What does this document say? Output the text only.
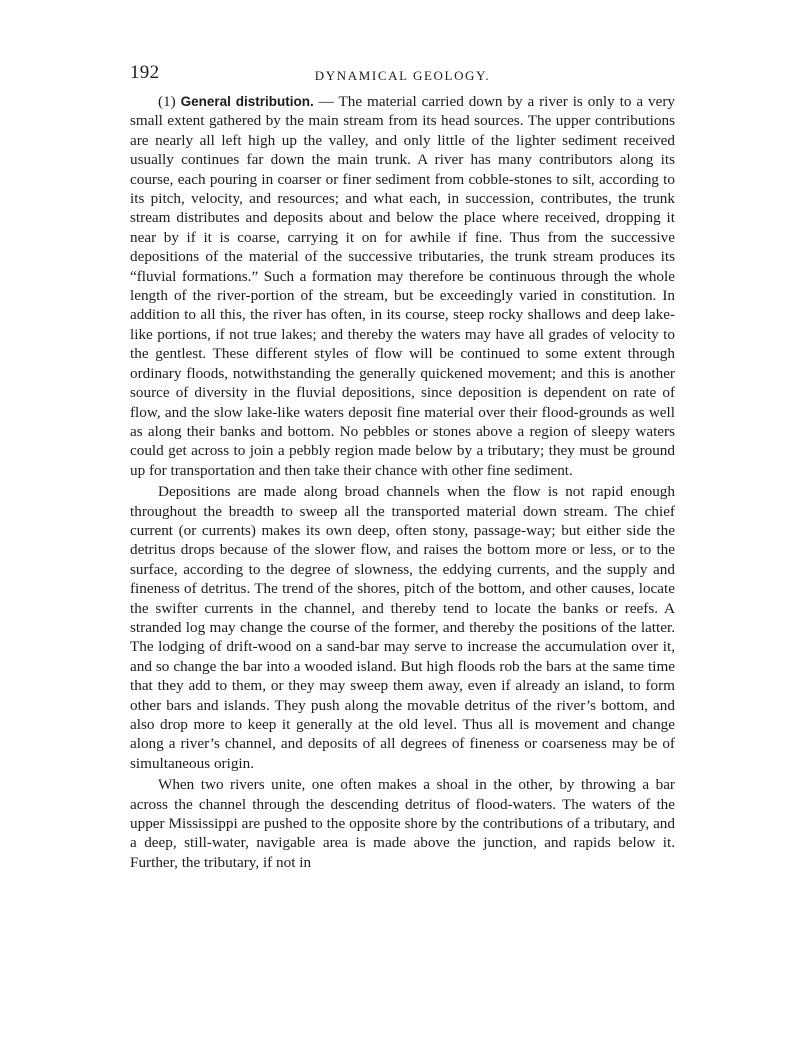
192	DYNAMICAL GEOLOGY.

(1) General distribution. — The material carried down by a river is only to a very small extent gathered by the main stream from its head sources. The upper contributions are nearly all left high up the valley, and only little of the lighter sediment received usually continues far down the main trunk. A river has many contributors along its course, each pouring in coarser or finer sediment from cobble-stones to silt, according to its pitch, velocity, and resources; and what each, in succession, contributes, the trunk stream distributes and deposits about and below the place where received, dropping it near by if it is coarse, carrying it on for awhile if fine. Thus from the successive depositions of the material of the successive tributaries, the trunk stream produces its “fluvial formations.” Such a formation may therefore be continuous through the whole length of the river-portion of the stream, but be exceedingly varied in constitution. In addition to all this, the river has often, in its course, steep rocky shallows and deep lake-like portions, if not true lakes; and thereby the waters may have all grades of velocity to the gentlest. These different styles of flow will be continued to some extent through ordinary floods, notwithstanding the generally quickened movement; and this is another source of diversity in the fluvial depositions, since deposition is dependent on rate of flow, and the slow lake-like waters deposit fine material over their flood-grounds as well as along their banks and bottom. No pebbles or stones above a region of sleepy waters could get across to join a pebbly region made below by a tributary; they must be ground up for transportation and then take their chance with other fine sediment.

Depositions are made along broad channels when the flow is not rapid enough throughout the breadth to sweep all the transported material down stream. The chief current (or currents) makes its own deep, often stony, passage-way; but either side the detritus drops because of the slower flow, and raises the bottom more or less, or to the surface, according to the degree of slowness, the eddying currents, and the supply and fineness of detritus. The trend of the shores, pitch of the bottom, and other causes, locate the swifter currents in the channel, and thereby tend to locate the banks or reefs. A stranded log may change the course of the former, and thereby the positions of the latter. The lodging of drift-wood on a sand-bar may serve to increase the accumulation over it, and so change the bar into a wooded island. But high floods rob the bars at the same time that they add to them, or they may sweep them away, even if already an island, to form other bars and islands. They push along the movable detritus of the river’s bottom, and also drop more to keep it generally at the old level. Thus all is movement and change along a river’s channel, and deposits of all degrees of fineness or coarseness may be of simultaneous origin.

When two rivers unite, one often makes a shoal in the other, by throwing a bar across the channel through the descending detritus of flood-waters. The waters of the upper Mississippi are pushed to the opposite shore by the contributions of a tributary, and a deep, still-water, navigable area is made above the junction, and rapids below it. Further, the tributary, if not in
